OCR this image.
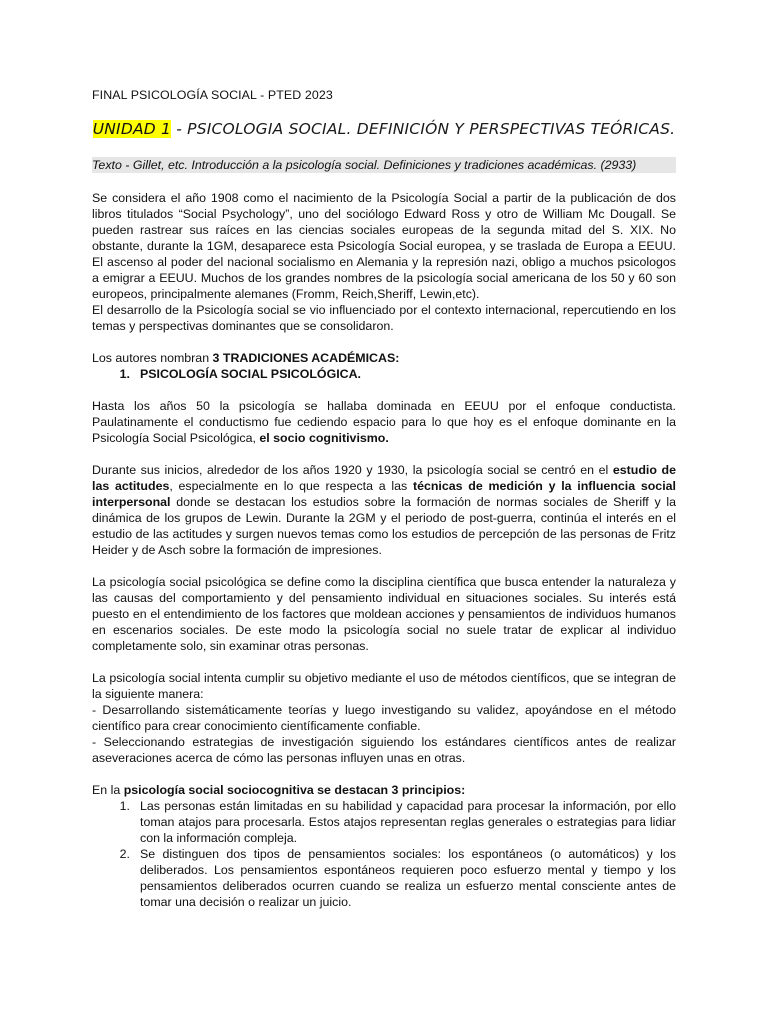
FINAL PSICOLOGÍA SOCIAL - PTED 2023
UNIDAD 1 - PSICOLOGIA SOCIAL. DEFINICIÓN Y PERSPECTIVAS TEÓRICAS.
Texto - Gillet, etc. Introducción a la psicología social. Definiciones y tradiciones académicas. (2933)

Se considera el año 1908 como el nacimiento de la Psicología Social a partir de la publicación de dos libros titulados “Social Psychology”, uno del sociólogo Edward Ross y otro de William Mc Dougall. Se pueden rastrear sus raíces en las ciencias sociales europeas de la segunda mitad del S. XIX. No obstante, durante la 1GM, desaparece esta Psicología Social europea, y se traslada de Europa a EEUU. El ascenso al poder del nacional socialismo en Alemania y la represión nazi, obligo a muchos psicologos a emigrar a EEUU. Muchos de los grandes nombres de la psicología social americana de los 50 y 60 son europeos, principalmente alemanes (Fromm, Reich,Sheriff, Lewin,etc).

El desarrollo de la Psicología social se vio influenciado por el contexto internacional, repercutiendo en los temas y perspectivas dominantes que se consolidaron.

Los autores nombran 3 TRADICIONES ACADÉMICAS:

1. PSICOLOGÍA SOCIAL PSICOLÓGICA.

Hasta los años 50 la psicología se hallaba dominada en EEUU por el enfoque conductista. Paulatinamente el conductismo fue cediendo espacio para lo que hoy es el enfoque dominante en la Psicología Social Psicológica, el socio cognitivismo.

Durante sus inicios, alrededor de los años 1920 y 1930, la psicología social se centró en el estudio de las actitudes, especialmente en lo que respecta a las técnicas de medición y la influencia social interpersonal donde se destacan los estudios sobre la formación de normas sociales de Sheriff y la dinámica de los grupos de Lewin. Durante la 2GM y el periodo de post-guerra, continúa el interés en el estudio de las actitudes y surgen nuevos temas como los estudios de percepción de las personas de Fritz Heider y de Asch sobre la formación de impresiones.

La psicología social psicológica se define como la disciplina científica que busca entender la naturaleza y las causas del comportamiento y del pensamiento individual en situaciones sociales. Su interés está puesto en el entendimiento de los factores que moldean acciones y pensamientos de individuos humanos en escenarios sociales. De este modo la psicología social no suele tratar de explicar al individuo completamente solo, sin examinar otras personas.

La psicología social intenta cumplir su objetivo mediante el uso de métodos científicos, que se integran de la siguiente manera:

- Desarrollando sistemáticamente teorías y luego investigando su validez, apoyándose en el método científico para crear conocimiento científicamente confiable.

- Seleccionando estrategias de investigación siguiendo los estándares científicos antes de realizar aseveraciones acerca de cómo las personas influyen unas en otras.

En la psicología social sociocognitiva se destacan 3 principios:

1. Las personas están limitadas en su habilidad y capacidad para procesar la información, por ello toman atajos para procesarla. Estos atajos representan reglas generales o estrategias para lidiar con la información compleja.
2. Se distinguen dos tipos de pensamientos sociales: los espontáneos (o automáticos) y los deliberados. Los pensamientos espontáneos requieren poco esfuerzo mental y tiempo y los pensamientos deliberados ocurren cuando se realiza un esfuerzo mental consciente antes de tomar una decisión o realizar un juicio.
